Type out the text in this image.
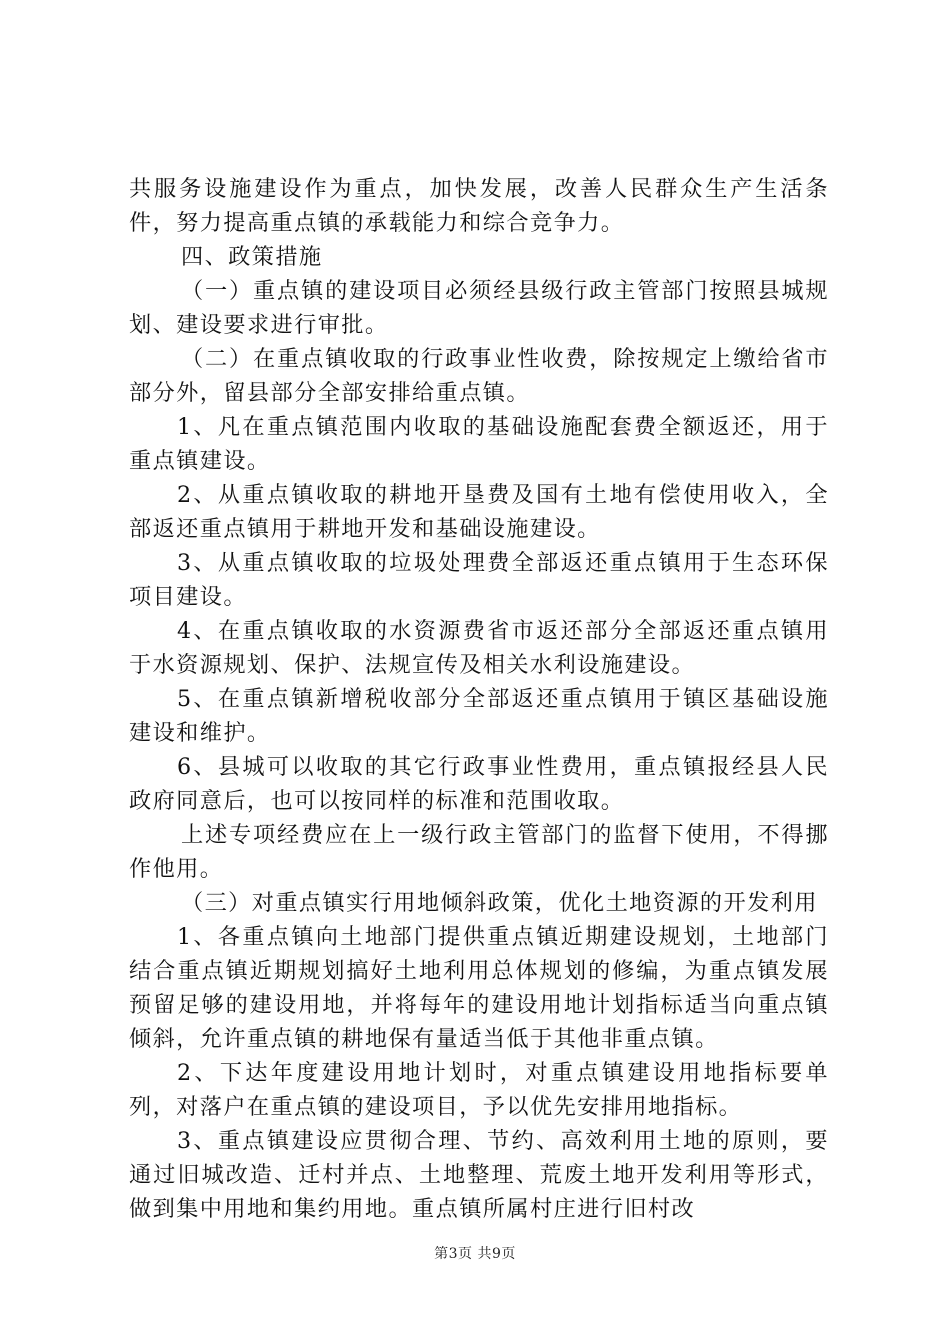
共服务设施建设作为重点，加快发展，改善人民群众生产生活条件，努力提高重点镇的承载能力和综合竞争力。

四、政策措施

（一）重点镇的建设项目必须经县级行政主管部门按照县城规划、建设要求进行审批。

（二）在重点镇收取的行政事业性收费，除按规定上缴给省市部分外，留县部分全部安排给重点镇。

1、凡在重点镇范围内收取的基础设施配套费全额返还，用于重点镇建设。

2、从重点镇收取的耕地开垦费及国有土地有偿使用收入，全部返还重点镇用于耕地开发和基础设施建设。

3、从重点镇收取的垃圾处理费全部返还重点镇用于生态环保项目建设。

4、在重点镇收取的水资源费省市返还部分全部返还重点镇用于水资源规划、保护、法规宣传及相关水利设施建设。

5、在重点镇新增税收部分全部返还重点镇用于镇区基础设施建设和维护。

6、县城可以收取的其它行政事业性费用，重点镇报经县人民政府同意后，也可以按同样的标准和范围收取。

上述专项经费应在上一级行政主管部门的监督下使用，不得挪作他用。

（三）对重点镇实行用地倾斜政策，优化土地资源的开发利用

1、各重点镇向土地部门提供重点镇近期建设规划，土地部门结合重点镇近期规划搞好土地利用总体规划的修编，为重点镇发展预留足够的建设用地，并将每年的建设用地计划指标适当向重点镇倾斜，允许重点镇的耕地保有量适当低于其他非重点镇。

2、下达年度建设用地计划时，对重点镇建设用地指标要单列，对落户在重点镇的建设项目，予以优先安排用地指标。

3、重点镇建设应贯彻合理、节约、高效利用土地的原则，要通过旧城改造、迁村并点、土地整理、荒废土地开发利用等形式，做到集中用地和集约用地。重点镇所属村庄进行旧村改

第3页 共9页
